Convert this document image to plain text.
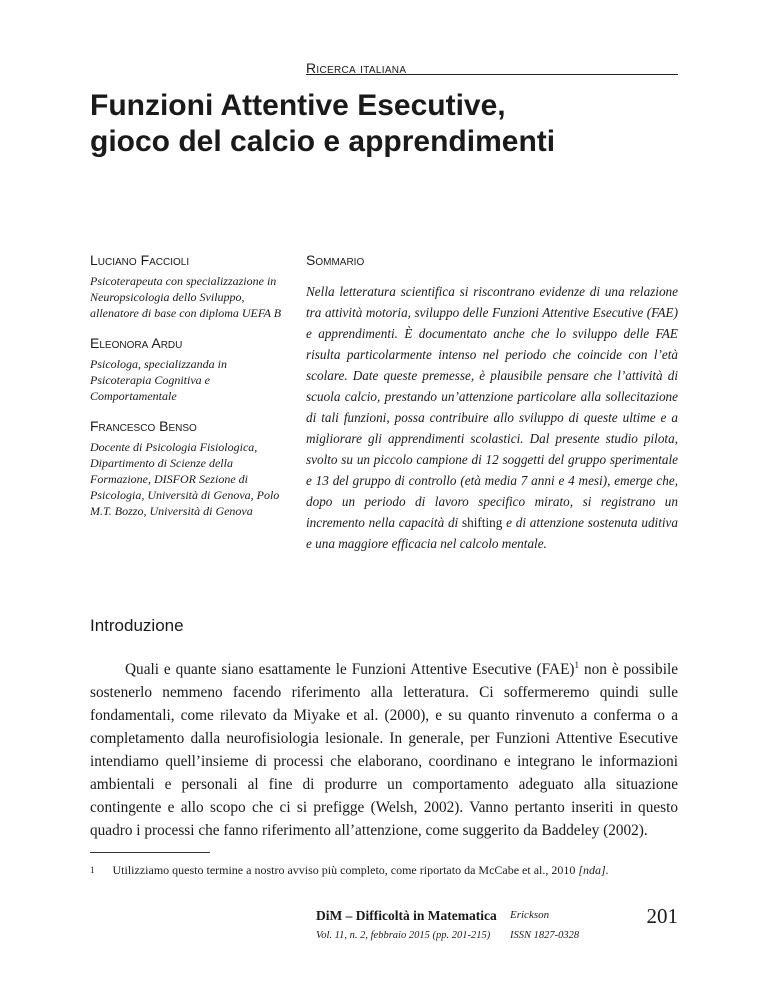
Ricerca italiana
Funzioni Attentive Esecutive,
gioco del calcio e apprendimenti
Luciano Faccioli
Psicoterapeuta con specializzazione in Neuropsicologia dello Sviluppo, allenatore di base con diploma UEFA B
Eleonora Ardu
Psicologa, specializzanda in Psicoterapia Cognitiva e Comportamentale
Francesco Benso
Docente di Psicologia Fisiologica, Dipartimento di Scienze della Formazione, DISFOR Sezione di Psicologia, Università di Genova, Polo M.T. Bozzo, Università di Genova
Sommario

Nella letteratura scientifica si riscontrano evidenze di una relazione tra attività motoria, sviluppo delle Funzioni Attentive Esecutive (FAE) e apprendimenti. È documentato anche che lo sviluppo delle FAE risulta particolarmente intenso nel periodo che coincide con l’età scolare. Date queste premesse, è plausibile pensare che l’attività di scuola calcio, prestando un’attenzione particolare alla sollecitazione di tali funzioni, possa contribuire allo sviluppo di queste ultime e a migliorare gli apprendimenti scolastici. Dal presente studio pilota, svolto su un piccolo campione di 12 soggetti del gruppo sperimentale e 13 del gruppo di controllo (età media 7 anni e 4 mesi), emerge che, dopo un periodo di lavoro specifico mirato, si registrano un incremento nella capacità di shifting e di attenzione sostenuta uditiva e una maggiore efficacia nel calcolo mentale.

Introduzione

Quali e quante siano esattamente le Funzioni Attentive Esecutive (FAE)$^1$ non è possibile sostenerlo nemmeno facendo riferimento alla letteratura. Ci soffermeremo quindi sulle fondamentali, come rilevato da Miyake et al. (2000), e su quanto rinvenuto a conferma o a completamento dalla neurofisiologia lesionale. In generale, per Funzioni Attentive Esecutive intendiamo quell’insieme di processi che elaborano, coordinano e integrano le informazioni ambientali e personali al fine di produrre un comportamento adeguato alla situazione contingente e allo scopo che ci si prefigge (Welsh, 2002). Vanno pertanto inseriti in questo quadro i processi che fanno riferimento all’attenzione, come suggerito da Baddeley (2002).

$^1$ Utilizziamo questo termine a nostro avviso più completo, come riportato da McCabe et al., 2010 [nda].
DiM – Difficoltà in Matematica
Vol. 11, n. 2, febbraio 2015 (pp. 201-215)
Erickson
ISSN 1827-0328
201
